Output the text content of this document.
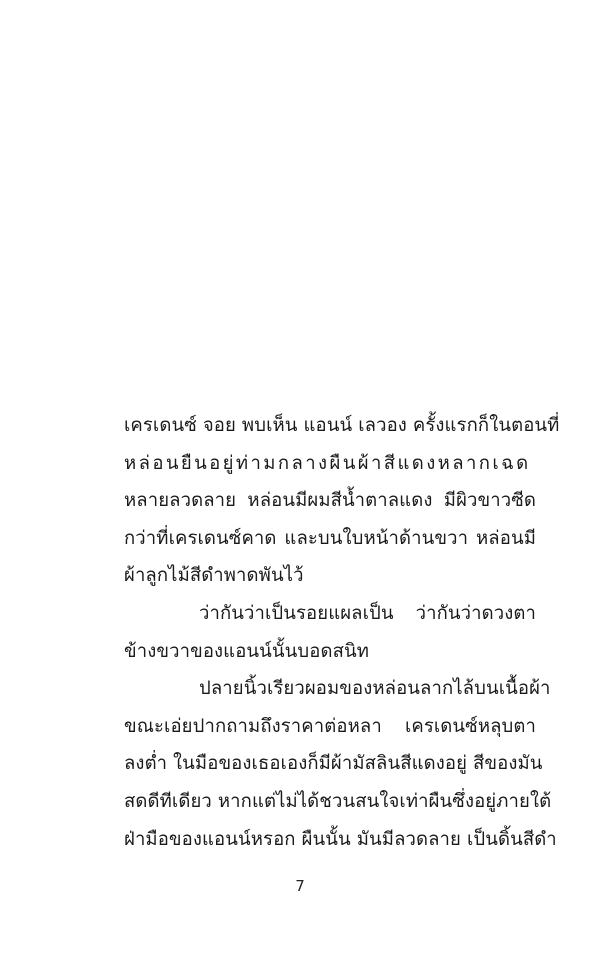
เครเดนซ์ จอย พบเห็น แอนน์ เลวอง ครั้งแรกก็ในตอนที่
หล่อนยืนอยู่ท่ามกลางผืนผ้าสีแดงหลากเฉด
หลายลวดลาย หล่อนมีผมสีน้ำตาลแดง มีผิวขาวซีด
กว่าที่เครเดนซ์คาด และบนใบหน้าด้านขวา หล่อนมี
ผ้าลูกไม้สีดำพาดพันไว้
ว่ากันว่าเป็นรอยแผลเป็น ว่ากันว่าดวงตา
ข้างขวาของแอนน์นั้นบอดสนิท
ปลายนิ้วเรียวผอมของหล่อนลากไล้บนเนื้อผ้า
ขณะเอ่ยปากถามถึงราคาต่อหลา เครเดนซ์หลุบตา
ลงต่ำ ในมือของเธอเองก็มีผ้ามัสลินสีแดงอยู่ สีของมัน
สดดีทีเดียว หากแต่ไม่ได้ชวนสนใจเท่าผืนซึ่งอยู่ภายใต้
ฝ่ามือของแอนน์หรอก ผืนนั้น มันมีลวดลาย เป็นดิ้นสีดำ
7
